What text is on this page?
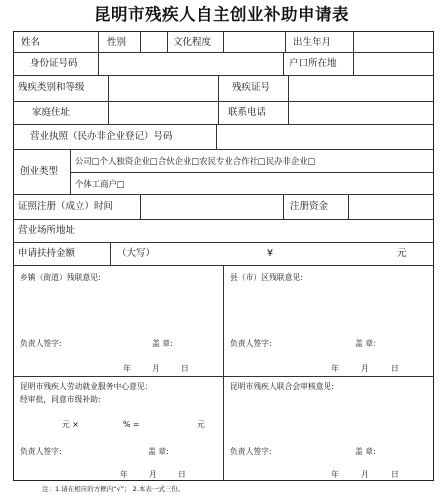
昆明市残疾人自主创业补助申请表
姓名	性别	文化程度	出生年月
身份证号码	户口所在地
残疾类别和等级	残疾证号
家庭住址	联系电话
营业执照（民办非企业登记）号码
创业类型
公司□个人独资企业□合伙企业□农民专业合作社□民办非企业□
个体工商户□
证照注册（成立）时间	注册资金
营业场所地址
申请扶持金额	（大写）	¥	元
乡镇（街道）残联意见:
负责人签字:	盖 章:
年	月	日
县（市）区残联意见:
负责人签字:	盖 章:
年	月	日
昆明市残疾人劳动就业服务中心意见：
经审批，同意市级补助:
元 ×	% =	元
负责人签字:	盖 章:
年	月	日
昆明市残疾人联合会审核意见:
负责人签字:	盖 章:
年	月	日
注：1.请在相应的方框内“√”； 2.本表一式三份。
